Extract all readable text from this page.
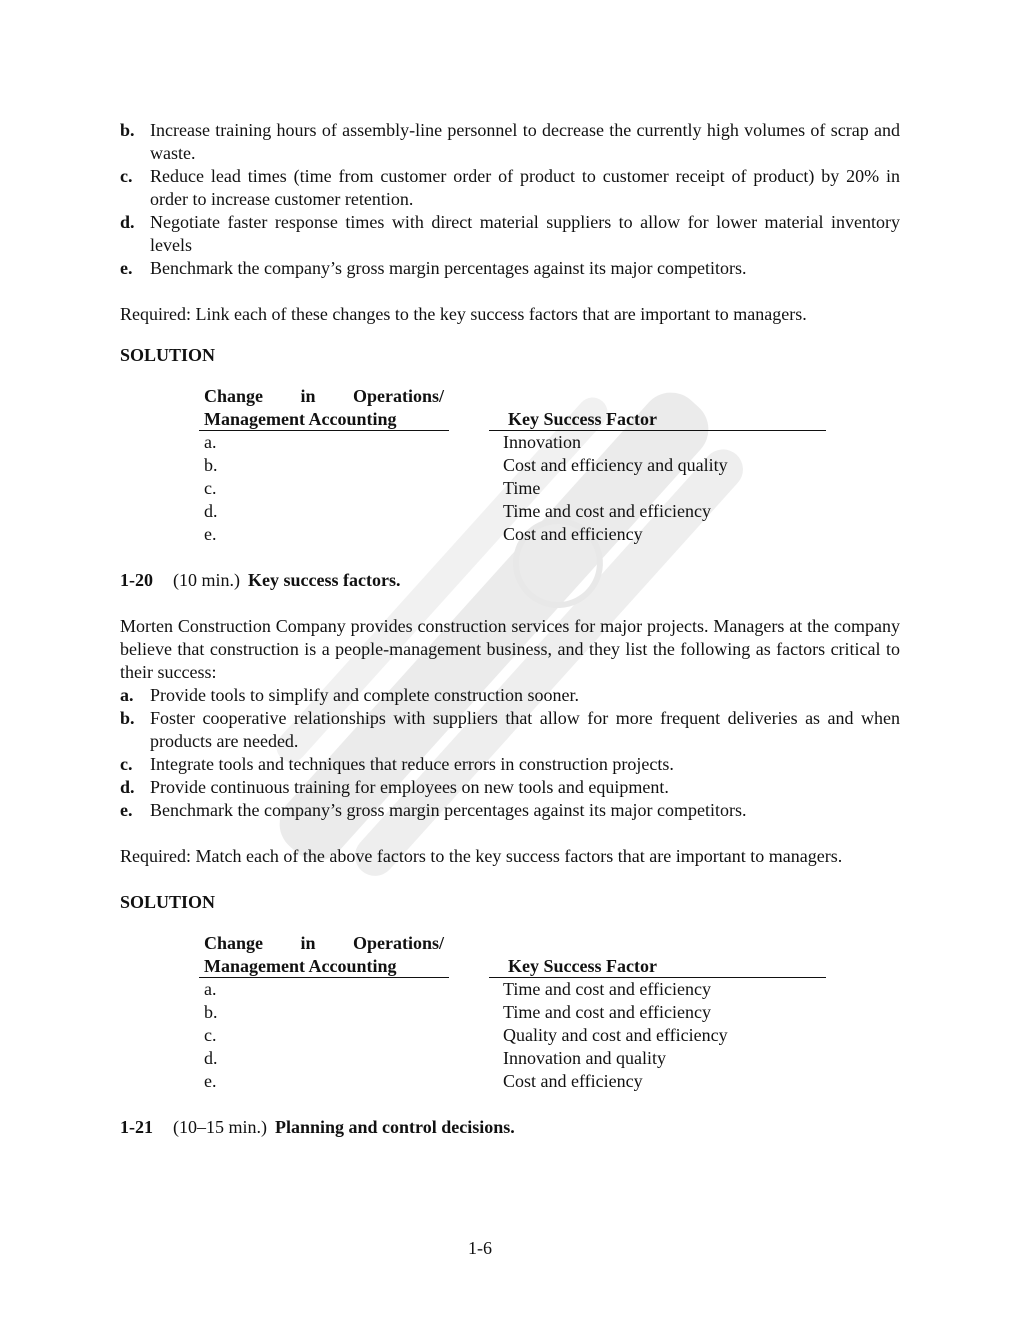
b. Increase training hours of assembly-line personnel to decrease the currently high volumes of scrap and waste.
c. Reduce lead times (time from customer order of product to customer receipt of product) by 20% in order to increase customer retention.
d. Negotiate faster response times with direct material suppliers to allow for lower material inventory levels
e. Benchmark the company’s gross margin percentages against its major competitors.

Required: Link each of these changes to the key success factors that are important to managers.

SOLUTION

Change in Operations/
Management Accounting	Key Success Factor
a.	Innovation
b.	Cost and efficiency and quality
c.	Time
d.	Time and cost and efficiency
e.	Cost and efficiency

1-20 (10 min.) Key success factors.

Morten Construction Company provides construction services for major projects. Managers at the company believe that construction is a people-management business, and they list the following as factors critical to their success:

a. Provide tools to simplify and complete construction sooner.
b. Foster cooperative relationships with suppliers that allow for more frequent deliveries as and when products are needed.
c. Integrate tools and techniques that reduce errors in construction projects.
d. Provide continuous training for employees on new tools and equipment.
e. Benchmark the company’s gross margin percentages against its major competitors.

Required: Match each of the above factors to the key success factors that are important to managers.

SOLUTION

Change in Operations/
Management Accounting	Key Success Factor
a.	Time and cost and efficiency
b.	Time and cost and efficiency
c.	Quality and cost and efficiency
d.	Innovation and quality
e.	Cost and efficiency

1-21 (10–15 min.) Planning and control decisions.

1-6
